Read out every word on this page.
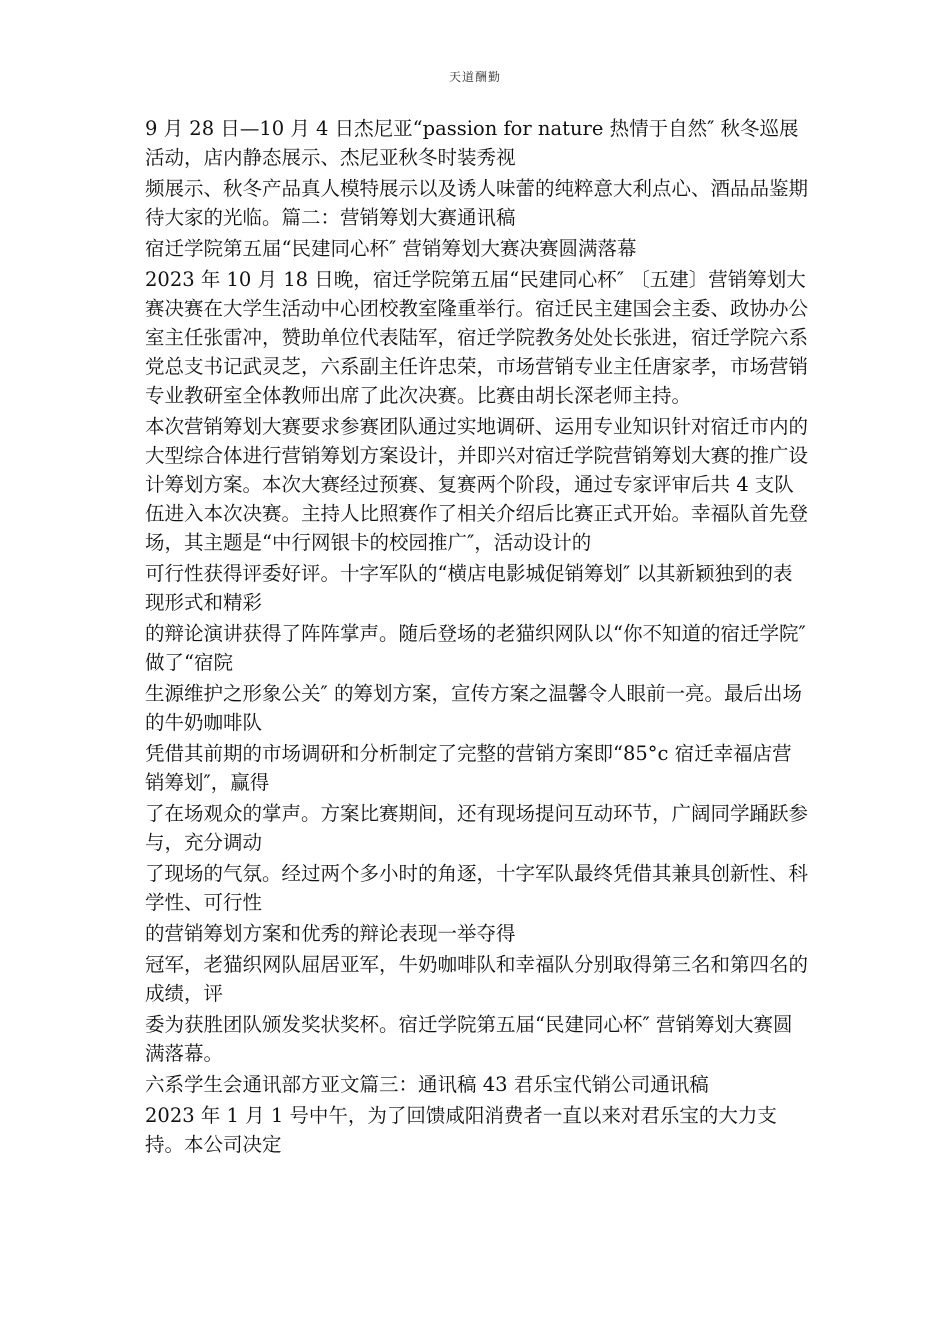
天道酬勤

9 月 28 日—10 月 4 日杰尼亚“passion for nature 热情于自然″ 秋冬巡展活动，店内静态展示、杰尼亚秋冬时装秀视

频展示、秋冬产品真人模特展示以及诱人味蕾的纯粹意大利点心、酒品品鉴期待大家的光临。篇二：营销筹划大赛通讯稿

宿迁学院第五届“民建同心杯″ 营销筹划大赛决赛圆满落幕

2023 年 10 月 18 日晚，宿迁学院第五届“民建同心杯″ 〔五建〕营销筹划大赛决赛在大学生活动中心团校教室隆重举行。宿迁民主建国会主委、政协办公室主任张雷冲，赞助单位代表陆军，宿迁学院教务处处长张进，宿迁学院六系党总支书记武灵芝，六系副主任许忠荣，市场营销专业主任唐家孝，市场营销专业教研室全体教师出席了此次决赛。比赛由胡长深老师主持。

本次营销筹划大赛要求参赛团队通过实地调研、运用专业知识针对宿迁市内的大型综合体进行营销筹划方案设计，并即兴对宿迁学院营销筹划大赛的推广设计筹划方案。本次大赛经过预赛、复赛两个阶段，通过专家评审后共 4 支队伍进入本次决赛。主持人比照赛作了相关介绍后比赛正式开始。幸福队首先登场，其主题是“中行网银卡的校园推广″，活动设计的

可行性获得评委好评。十字军队的“横店电影城促销筹划″ 以其新颖独到的表现形式和精彩

的辩论演讲获得了阵阵掌声。随后登场的老猫织网队以“你不知道的宿迁学院″ 做了“宿院

生源维护之形象公关″ 的筹划方案，宣传方案之温馨令人眼前一亮。最后出场的牛奶咖啡队

凭借其前期的市场调研和分析制定了完整的营销方案即“85°c 宿迁幸福店营销筹划″，赢得

了在场观众的掌声。方案比赛期间，还有现场提问互动环节，广阔同学踊跃参与，充分调动

了现场的气氛。经过两个多小时的角逐，十字军队最终凭借其兼具创新性、科学性、可行性

的营销筹划方案和优秀的辩论表现一举夺得

冠军，老猫织网队屈居亚军，牛奶咖啡队和幸福队分别取得第三名和第四名的成绩，评

委为获胜团队颁发奖状奖杯。宿迁学院第五届“民建同心杯″ 营销筹划大赛圆满落幕。

六系学生会通讯部方亚文篇三：通讯稿 43 君乐宝代销公司通讯稿

2023 年 1 月 1 号中午，为了回馈咸阳消费者一直以来对君乐宝的大力支持。本公司决定
